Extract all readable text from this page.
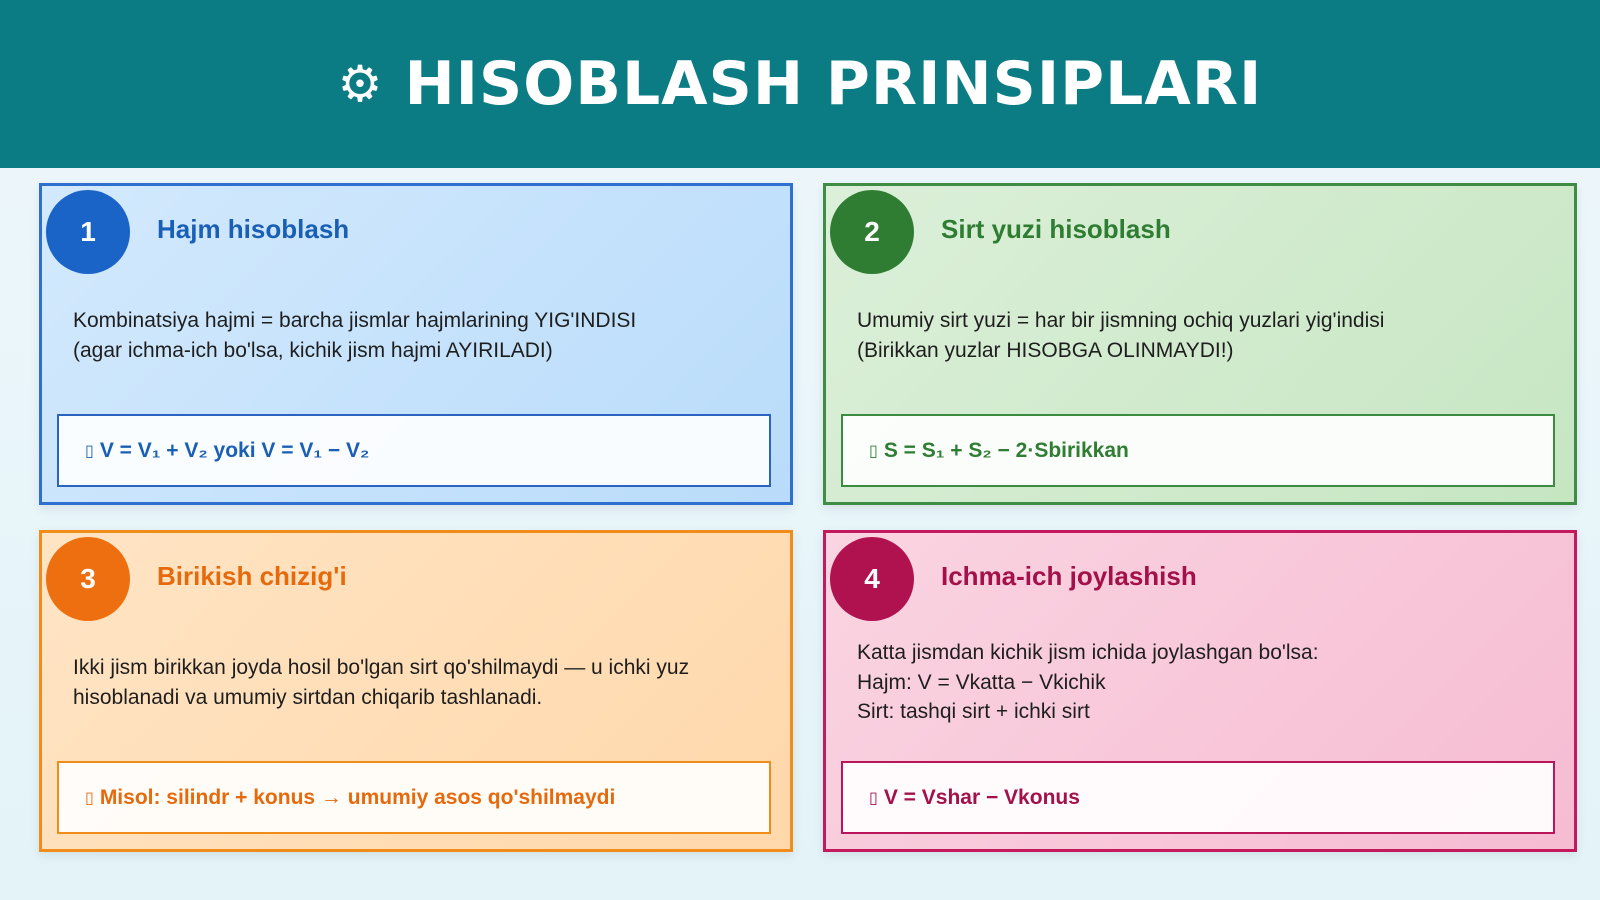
⚙ HISOBLASH PRINSIPLARI
1	Hajm hisoblash
Kombinatsiya hajmi = barcha jismlar hajmlarining YIG'INDISI
(agar ichma-ich bo'lsa, kichik jism hajmi AYIRILADI)
▯ V = V₁ + V₂ yoki V = V₁ − V₂
2	Sirt yuzi hisoblash
Umumiy sirt yuzi = har bir jismning ochiq yuzlari yig'indisi
(Birikkan yuzlar HISOBGA OLINMAYDI!)
▯ S = S₁ + S₂ − 2·Sbirikkan
3	Birikish chizig'i
Ikki jism birikkan joyda hosil bo'lgan sirt qo'shilmaydi — u ichki yuz
hisoblanadi va umumiy sirtdan chiqarib tashlanadi.
▯ Misol: silindr + konus → umumiy asos qo'shilmaydi
4	Ichma-ich joylashish
Katta jismdan kichik jism ichida joylashgan bo'lsa:
Hajm: V = Vkatta − Vkichik
Sirt: tashqi sirt + ichki sirt
▯ V = Vshar − Vkonus
